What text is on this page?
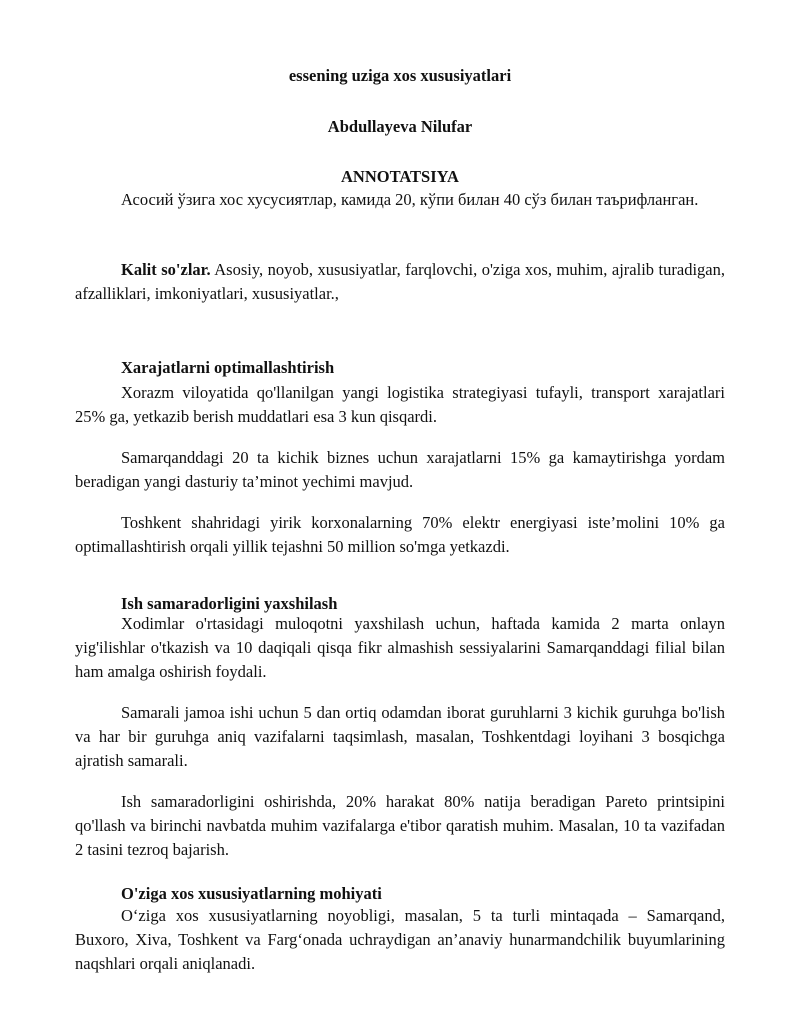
essening uziga xos xususiyatlari
Abdullayeva Nilufar
ANNOTATSIYA

Асосий ўзига хос хусусиятлар, камида 20, кўпи билан 40 сўз билан таърифланган.

Kalit so'zlar. Asosiy, noyob, xususiyatlar, farqlovchi, o'ziga xos, muhim, ajralib turadigan, afzalliklari, imkoniyatlari, xususiyatlar.,

Xarajatlarni optimallashtirish

Xorazm viloyatida qo'llanilgan yangi logistika strategiyasi tufayli, transport xarajatlari 25% ga, yetkazib berish muddatlari esa 3 kun qisqardi.

Samarqanddagi 20 ta kichik biznes uchun xarajatlarni 15% ga kamaytirishga yordam beradigan yangi dasturiy ta’minot yechimi mavjud.

Toshkent shahridagi yirik korxonalarning 70% elektr energiyasi iste’molini 10% ga optimallashtirish orqali yillik tejashni 50 million so'mga yetkazdi.

Ish samaradorligini yaxshilash

Xodimlar o'rtasidagi muloqotni yaxshilash uchun, haftada kamida 2 marta onlayn yig'ilishlar o'tkazish va 10 daqiqali qisqa fikr almashish sessiyalarini Samarqanddagi filial bilan ham amalga oshirish foydali.

Samarali jamoa ishi uchun 5 dan ortiq odamdan iborat guruhlarni 3 kichik guruhga bo'lish va har bir guruhga aniq vazifalarni taqsimlash, masalan, Toshkentdagi loyihani 3 bosqichga ajratish samarali.

Ish samaradorligini oshirishda, 20% harakat 80% natija beradigan Pareto printsipini qo'llash va birinchi navbatda muhim vazifalarga e'tibor qaratish muhim. Masalan, 10 ta vazifadan 2 tasini tezroq bajarish.

O'ziga xos xususiyatlarning mohiyati

O‘ziga xos xususiyatlarning noyobligi, masalan, 5 ta turli mintaqada – Samarqand, Buxoro, Xiva, Toshkent va Farg‘onada uchraydigan an’anaviy hunarmandchilik buyumlarining naqshlari orqali aniqlanadi.
